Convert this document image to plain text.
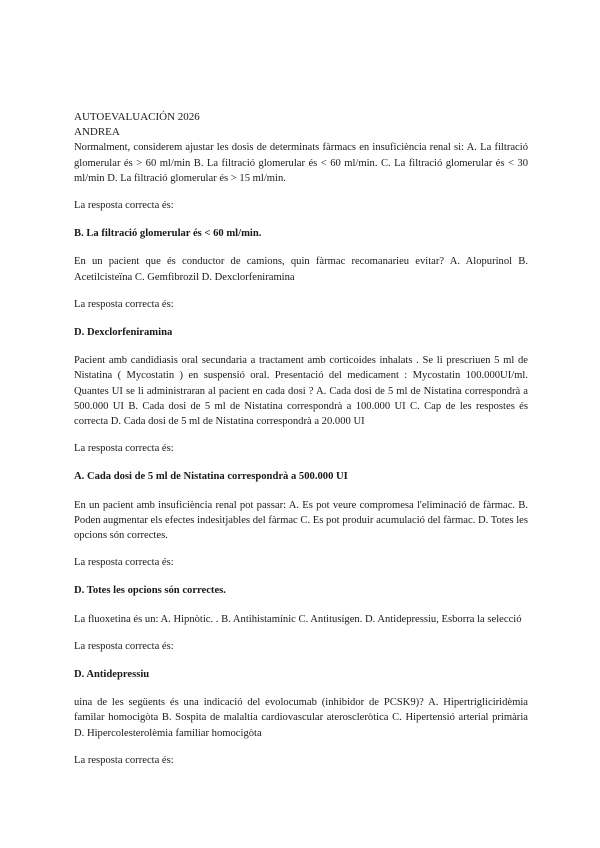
AUTOEVALUACIÓN 2026
ANDREA

Normalment, considerem ajustar les dosis de determinats fàrmacs en insuficiència renal si: A. La filtració glomerular és > 60 ml/min B. La filtració glomerular és < 60 ml/min. C. La filtració glomerular és < 30 ml/min D. La filtració glomerular és > 15 ml/min.

La resposta correcta és:

B. La filtració glomerular és < 60 ml/min.

En un pacient que és conductor de camions, quin fàrmac recomanarieu evitar? A. Alopurinol B. Acetilcisteïna C. Gemfibrozil D. Dexclorfeniramina

La resposta correcta és:

D. Dexclorfeniramina

Pacient amb candidiasis oral secundaria a tractament amb corticoides inhalats . Se li prescriuen 5 ml de Nistatina ( Mycostatin ) en suspensió oral. Presentació del medicament : Mycostatin 100.000UI/ml. Quantes UI se li administraran al pacient en cada dosi ? A. Cada dosi de 5 ml de Nistatina correspondrà a 500.000 UI B. Cada dosi de 5 ml de Nistatina correspondrà a 100.000 UI C. Cap de les respostes és correcta D. Cada dosi de 5 ml de Nistatina correspondrà a 20.000 UI

La resposta correcta és:

A. Cada dosi de 5 ml de Nistatina correspondrà a 500.000 UI

En un pacient amb insuficiència renal pot passar: A. Es pot veure compromesa l'eliminació de fàrmac. B. Poden augmentar els efectes indesitjables del fàrmac C. Es pot produir acumulació del fàrmac. D. Totes les opcions són correctes.

La resposta correcta és:

D. Totes les opcions són correctes.

La fluoxetina és un: A. Hipnòtic. . B. Antihistamínic C. Antitusígen. D. Antidepressiu, Esborra la selecció

La resposta correcta és:

D. Antidepressiu

uina de les següents és una indicació del evolocumab (inhibidor de PCSK9)? A. Hipertrigliciridèmia familar homocigòta B. Sospita de malaltia cardiovascular ateroscleròtica C. Hipertensió arterial primària D. Hipercolesterolèmia familiar homocigòta

La resposta correcta és:
